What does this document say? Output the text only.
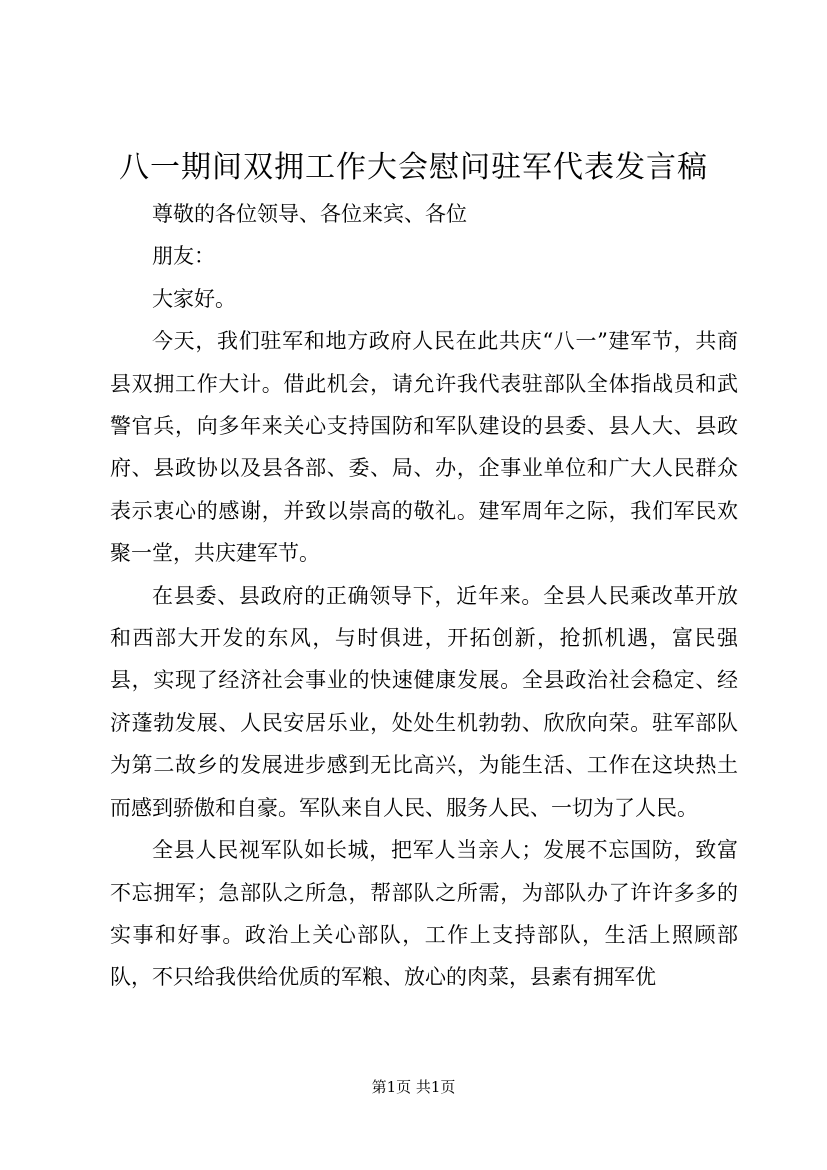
八一期间双拥工作大会慰问驻军代表发言稿

尊敬的各位领导、各位来宾、各位

朋友：

大家好。

今天，我们驻军和地方政府人民在此共庆“八一”建军节，共商县双拥工作大计。借此机会，请允许我代表驻部队全体指战员和武警官兵，向多年来关心支持国防和军队建设的县委、县人大、县政府、县政协以及县各部、委、局、办，企事业单位和广大人民群众表示衷心的感谢，并致以崇高的敬礼。建军周年之际，我们军民欢聚一堂，共庆建军节。

在县委、县政府的正确领导下，近年来。全县人民乘改革开放和西部大开发的东风，与时俱进，开拓创新，抢抓机遇，富民强县，实现了经济社会事业的快速健康发展。全县政治社会稳定、经济蓬勃发展、人民安居乐业，处处生机勃勃、欣欣向荣。驻军部队为第二故乡的发展进步感到无比高兴，为能生活、工作在这块热土而感到骄傲和自豪。军队来自人民、服务人民、一切为了人民。

全县人民视军队如长城，把军人当亲人；发展不忘国防，致富不忘拥军；急部队之所急，帮部队之所需，为部队办了许许多多的实事和好事。政治上关心部队，工作上支持部队，生活上照顾部队，不只给我供给优质的军粮、放心的肉菜，县素有拥军优

第1页 共1页
